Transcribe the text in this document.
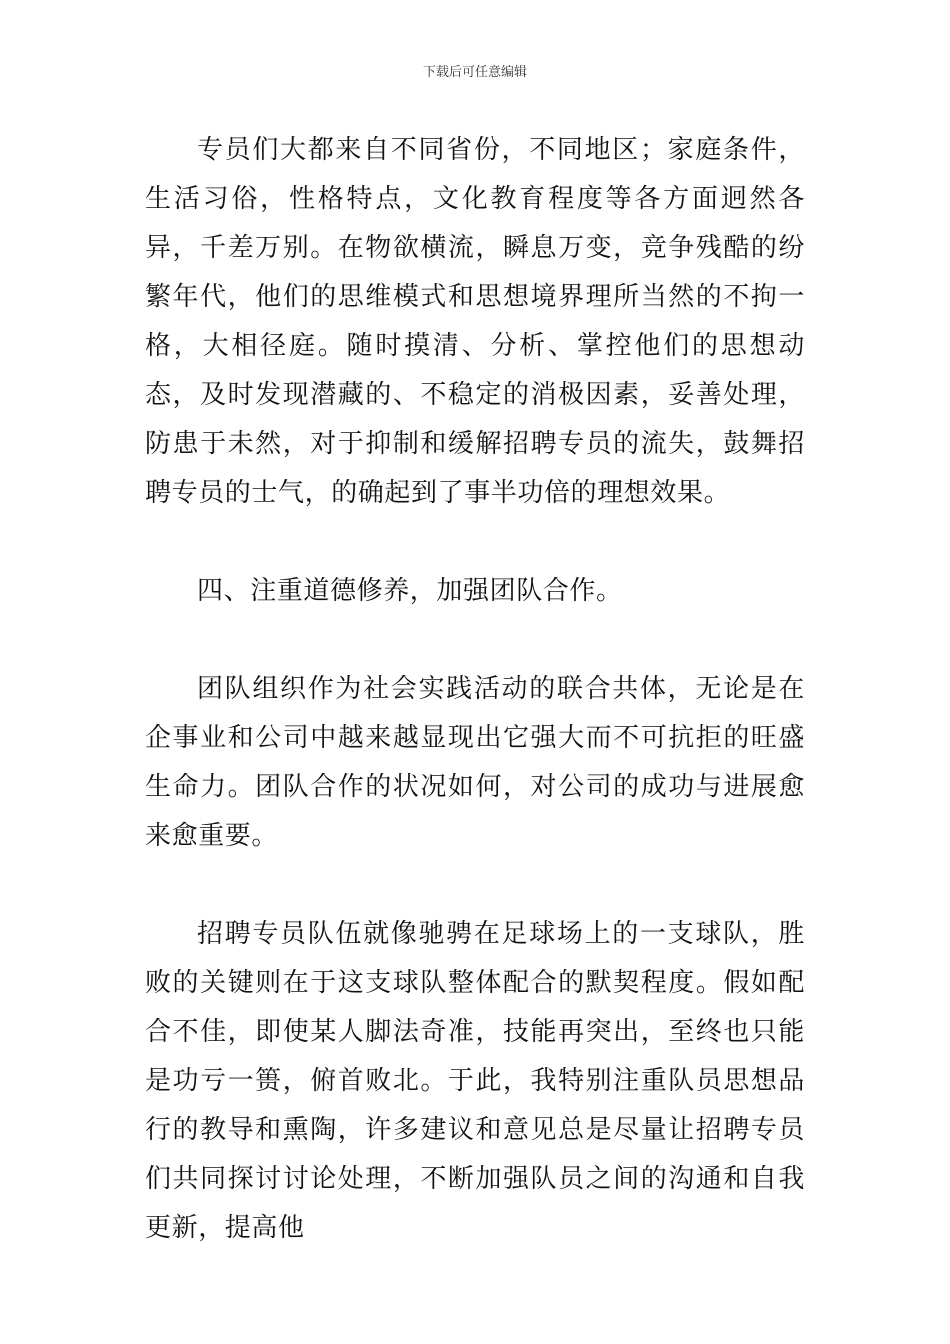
下载后可任意编辑

专员们大都来自不同省份，不同地区；家庭条件，生活习俗，性格特点，文化教育程度等各方面迥然各异，千差万别。在物欲横流，瞬息万变，竞争残酷的纷繁年代，他们的思维模式和思想境界理所当然的不拘一格，大相径庭。随时摸清、分析、掌控他们的思想动态，及时发现潜藏的、不稳定的消极因素，妥善处理，防患于未然，对于抑制和缓解招聘专员的流失，鼓舞招聘专员的士气，的确起到了事半功倍的理想效果。

四、注重道德修养，加强团队合作。

团队组织作为社会实践活动的联合共体，无论是在企事业和公司中越来越显现出它强大而不可抗拒的旺盛生命力。团队合作的状况如何，对公司的成功与进展愈来愈重要。

招聘专员队伍就像驰骋在足球场上的一支球队，胜败的关键则在于这支球队整体配合的默契程度。假如配合不佳，即使某人脚法奇准，技能再突出，至终也只能是功亏一篑，俯首败北。于此，我特别注重队员思想品行的教导和熏陶，许多建议和意见总是尽量让招聘专员们共同探讨讨论处理，不断加强队员之间的沟通和自我更新，提高他
